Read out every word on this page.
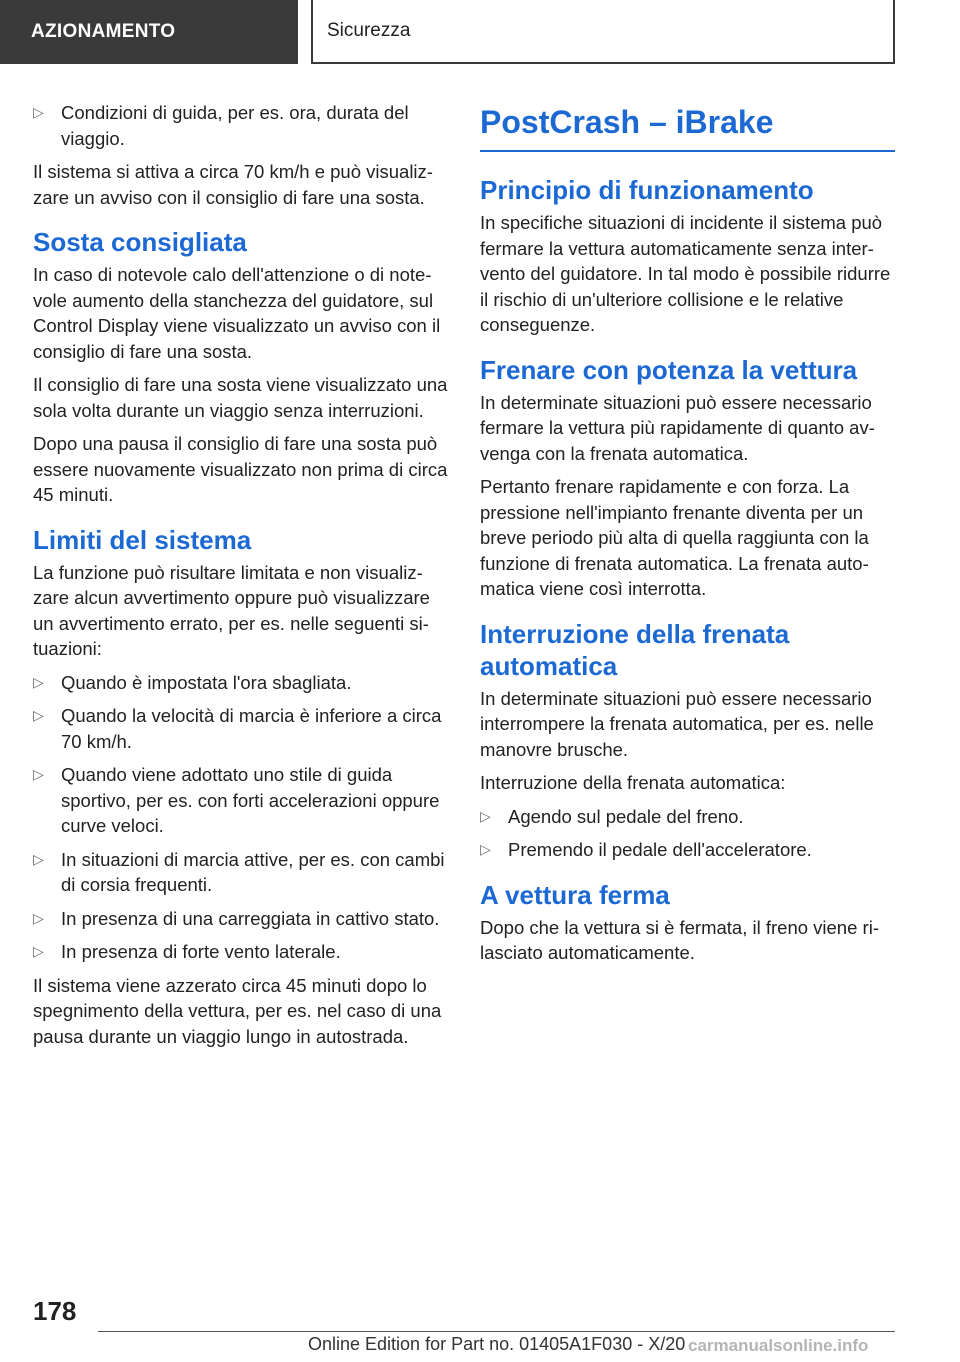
AZIONAMENTO	Sicurezza
▷ Condizioni di guida, per es. ora, durata del viaggio.

Il sistema si attiva a circa 70 km/h e può visualizzare un avviso con il consiglio di fare una sosta.

Sosta consigliata

In caso di notevole calo dell'attenzione o di notevole aumento della stanchezza del guidatore, sul Control Display viene visualizzato un avviso con il consiglio di fare una sosta.

Il consiglio di fare una sosta viene visualizzato una sola volta durante un viaggio senza interruzioni.

Dopo una pausa il consiglio di fare una sosta può essere nuovamente visualizzato non prima di circa 45 minuti.

Limiti del sistema

La funzione può risultare limitata e non visualizzare alcun avvertimento oppure può visualizzare un avvertimento errato, per es. nelle seguenti situazioni:

▷ Quando è impostata l'ora sbagliata.
▷ Quando la velocità di marcia è inferiore a circa 70 km/h.
▷ Quando viene adottato uno stile di guida sportivo, per es. con forti accelerazioni oppure curve veloci.
▷ In situazioni di marcia attive, per es. con cambi di corsia frequenti.
▷ In presenza di una carreggiata in cattivo stato.
▷ In presenza di forte vento laterale.

Il sistema viene azzerato circa 45 minuti dopo lo spegnimento della vettura, per es. nel caso di una pausa durante un viaggio lungo in autostrada.

PostCrash – iBrake
Principio di funzionamento

In specifiche situazioni di incidente il sistema può fermare la vettura automaticamente senza intervento del guidatore. In tal modo è possibile ridurre il rischio di un'ulteriore collisione e le relative conseguenze.

Frenare con potenza la vettura

In determinate situazioni può essere necessario fermare la vettura più rapidamente di quanto avvenga con la frenata automatica.

Pertanto frenare rapidamente e con forza. La pressione nell'impianto frenante diventa per un breve periodo più alta di quella raggiunta con la funzione di frenata automatica. La frenata automatica viene così interrotta.

Interruzione della frenata automatica

In determinate situazioni può essere necessario interrompere la frenata automatica, per es. nelle manovre brusche.

Interruzione della frenata automatica:

▷ Agendo sul pedale del freno.
▷ Premendo il pedale dell'acceleratore.
A vettura ferma

Dopo che la vettura si è fermata, il freno viene rilasciato automaticamente.

178
Online Edition for Part no. 01405A1F030 - X/20 carmanualsonline.info
